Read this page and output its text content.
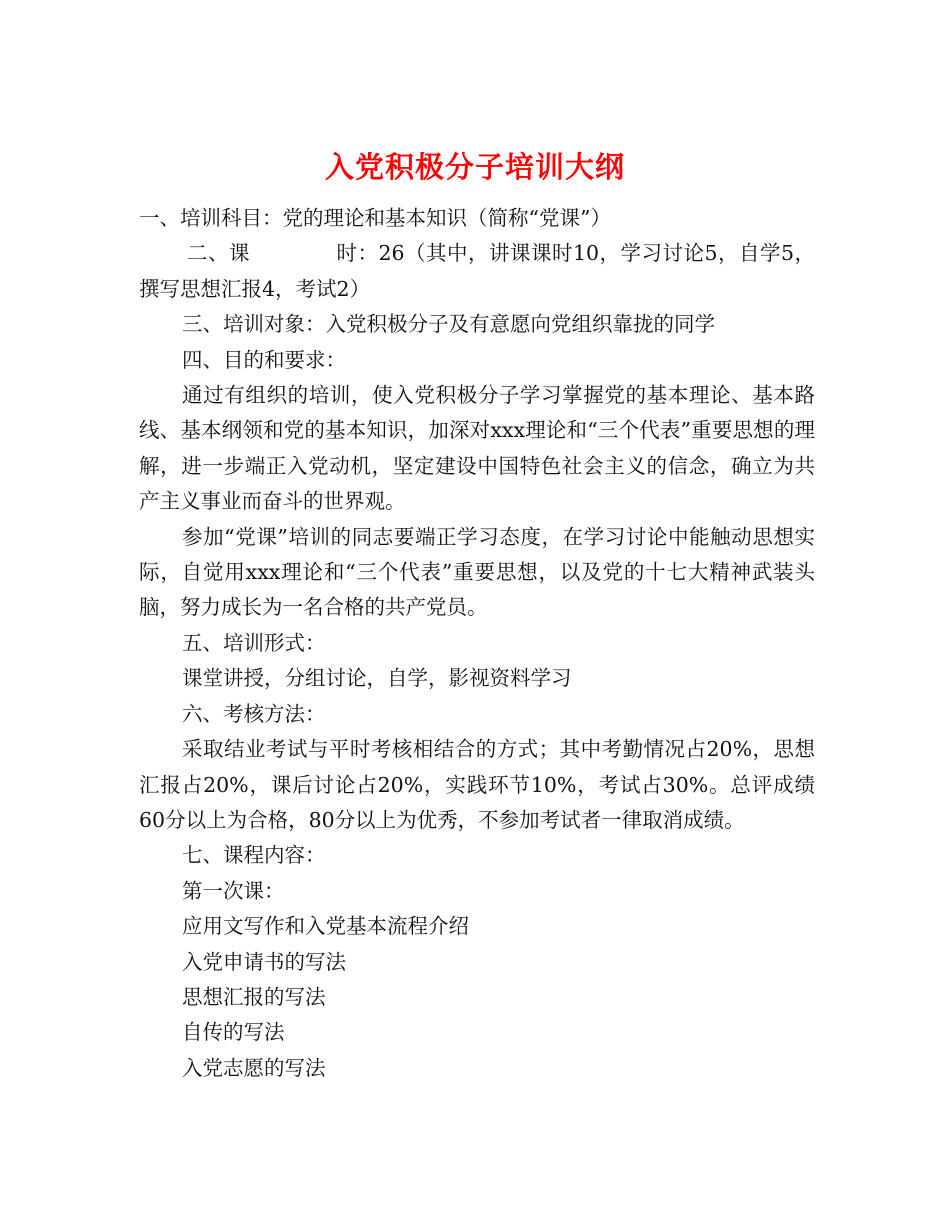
入党积极分子培训大纲

一、培训科目：党的理论和基本知识（简称“党课”）

二、课	时：26（其中，讲课课时10，学习讨论5，自学5，撰写思想汇报4，考试2）

三、培训对象：入党积极分子及有意愿向党组织靠拢的同学

四、目的和要求：

通过有组织的培训，使入党积极分子学习掌握党的基本理论、基本路线、基本纲领和党的基本知识，加深对xxx理论和“三个代表”重要思想的理解，进一步端正入党动机，坚定建设中国特色社会主义的信念，确立为共产主义事业而奋斗的世界观。

参加“党课”培训的同志要端正学习态度，在学习讨论中能触动思想实际，自觉用xxx理论和“三个代表”重要思想，以及党的十七大精神武装头脑，努力成长为一名合格的共产党员。

五、培训形式：

课堂讲授，分组讨论，自学，影视资料学习

六、考核方法：

采取结业考试与平时考核相结合的方式；其中考勤情况占20%，思想汇报占20%，课后讨论占20%，实践环节10%，考试占30%。总评成绩60分以上为合格，80分以上为优秀，不参加考试者一律取消成绩。

七、课程内容：

第一次课：

应用文写作和入党基本流程介绍

入党申请书的写法

思想汇报的写法

自传的写法

入党志愿的写法
